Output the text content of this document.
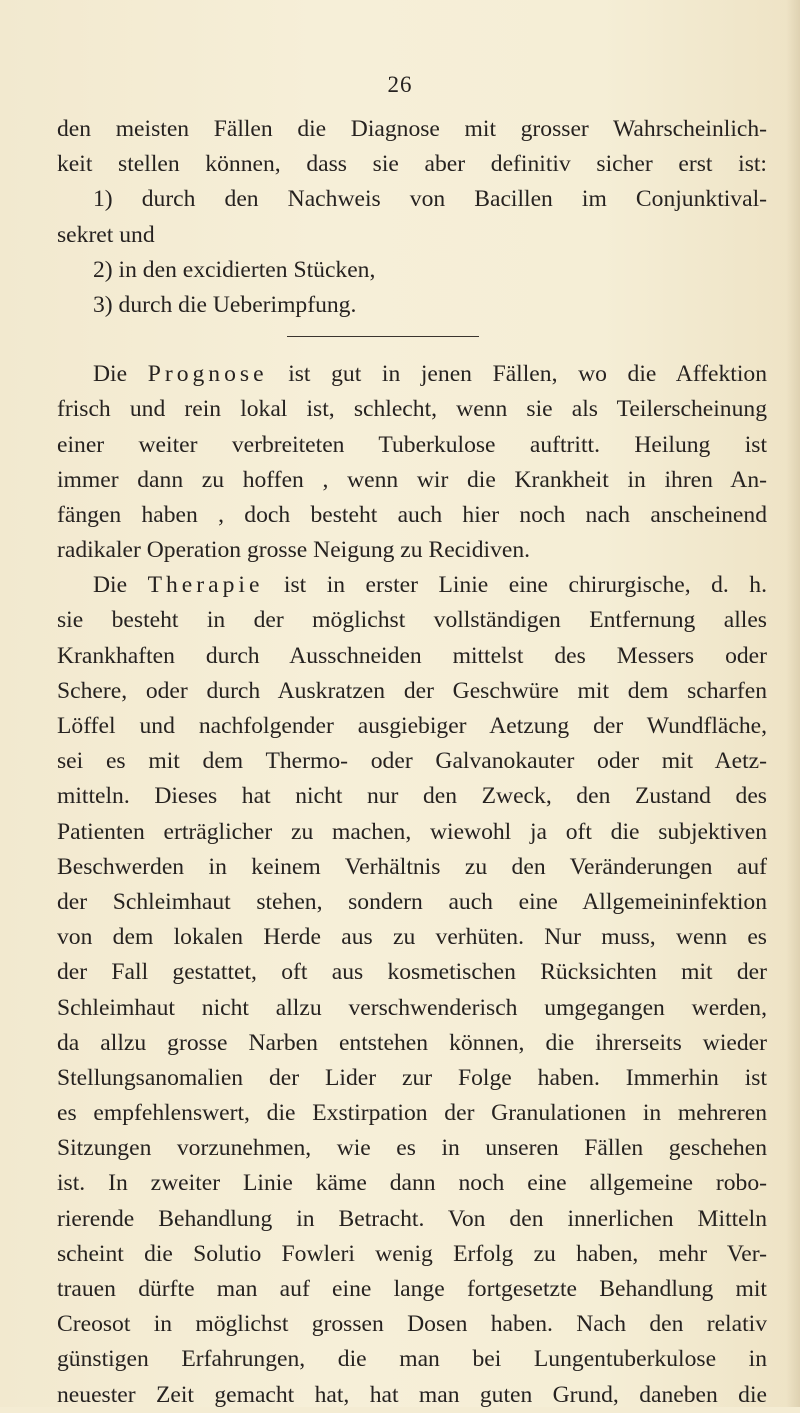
26
den meisten Fällen die Diagnose mit grosser Wahrscheinlich-
keit stellen können, dass sie aber definitiv sicher erst ist:
1) durch den Nachweis von Bacillen im Conjunktival-
sekret und
2) in den excidierten Stücken,
3) durch die Ueberimpfung.
Die Prognose ist gut in jenen Fällen, wo die Affektion
frisch und rein lokal ist, schlecht, wenn sie als Teilerscheinung
einer weiter verbreiteten Tuberkulose auftritt. Heilung ist
immer dann zu hoffen , wenn wir die Krankheit in ihren An-
fängen haben , doch besteht auch hier noch nach anscheinend
radikaler Operation grosse Neigung zu Recidiven.
Die Therapie ist in erster Linie eine chirurgische, d. h.
sie besteht in der möglichst vollständigen Entfernung alles
Krankhaften durch Ausschneiden mittelst des Messers oder
Schere, oder durch Auskratzen der Geschwüre mit dem scharfen
Löffel und nachfolgender ausgiebiger Aetzung der Wundfläche,
sei es mit dem Thermo- oder Galvanokauter oder mit Aetz-
mitteln. Dieses hat nicht nur den Zweck, den Zustand des
Patienten erträglicher zu machen, wiewohl ja oft die subjektiven
Beschwerden in keinem Verhältnis zu den Veränderungen auf
der Schleimhaut stehen, sondern auch eine Allgemeininfektion
von dem lokalen Herde aus zu verhüten. Nur muss, wenn es
der Fall gestattet, oft aus kosmetischen Rücksichten mit der
Schleimhaut nicht allzu verschwenderisch umgegangen werden,
da allzu grosse Narben entstehen können, die ihrerseits wieder
Stellungsanomalien der Lider zur Folge haben. Immerhin ist
es empfehlenswert, die Exstirpation der Granulationen in mehreren
Sitzungen vorzunehmen, wie es in unseren Fällen geschehen
ist. In zweiter Linie käme dann noch eine allgemeine robo-
rierende Behandlung in Betracht. Von den innerlichen Mitteln
scheint die Solutio Fowleri wenig Erfolg zu haben, mehr Ver-
trauen dürfte man auf eine lange fortgesetzte Behandlung mit
Creosot in möglichst grossen Dosen haben. Nach den relativ
günstigen Erfahrungen, die man bei Lungentuberkulose in
neuester Zeit gemacht hat, hat man guten Grund, daneben die
